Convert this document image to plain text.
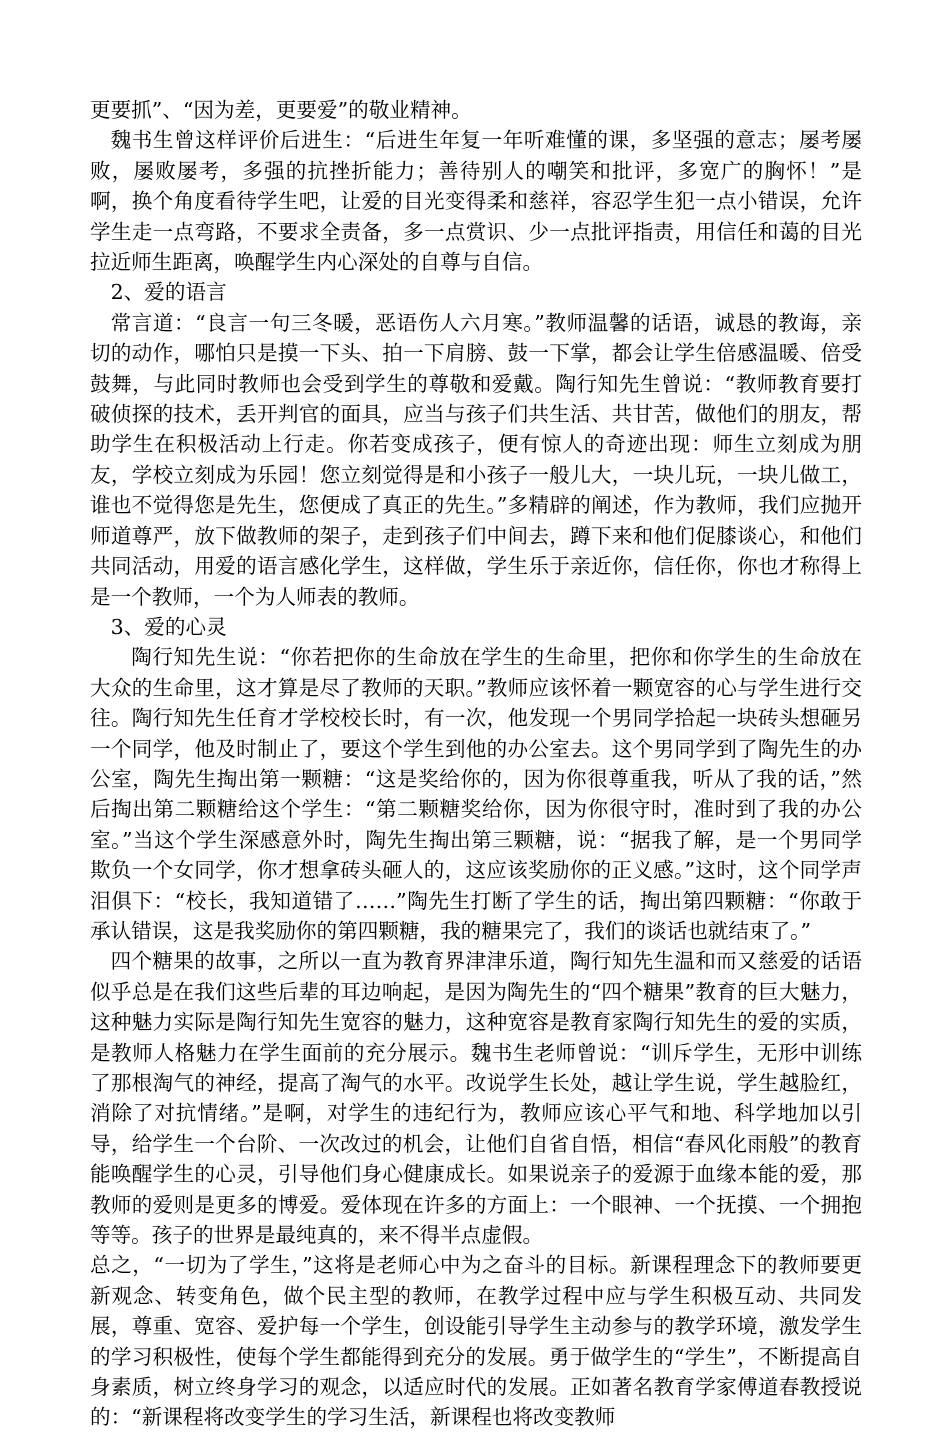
更要抓”、“因为差，更要爱”的敬业精神。

魏书生曾这样评价后进生：“后进生年复一年听难懂的课，多坚强的意志；屡考屡败，屡败屡考，多强的抗挫折能力；善待别人的嘲笑和批评，多宽广的胸怀！”是啊，换个角度看待学生吧，让爱的目光变得柔和慈祥，容忍学生犯一点小错误，允许学生走一点弯路，不要求全责备，多一点赏识、少一点批评指责，用信任和蔼的目光拉近师生距离，唤醒学生内心深处的自尊与自信。

2、爱的语言

常言道：“良言一句三冬暖，恶语伤人六月寒。”教师温馨的话语，诚恳的教诲，亲切的动作，哪怕只是摸一下头、拍一下肩膀、鼓一下掌，都会让学生倍感温暖、倍受鼓舞，与此同时教师也会受到学生的尊敬和爱戴。陶行知先生曾说：“教师教育要打破侦探的技术，丢开判官的面具，应当与孩子们共生活、共甘苦，做他们的朋友，帮助学生在积极活动上行走。你若变成孩子，便有惊人的奇迹出现：师生立刻成为朋友，学校立刻成为乐园！您立刻觉得是和小孩子一般儿大，一块儿玩，一块儿做工，谁也不觉得您是先生，您便成了真正的先生。”多精辟的阐述，作为教师，我们应抛开师道尊严，放下做教师的架子，走到孩子们中间去，蹲下来和他们促膝谈心，和他们共同活动，用爱的语言感化学生，这样做，学生乐于亲近你，信任你，你也才称得上是一个教师，一个为人师表的教师。

3、爱的心灵

陶行知先生说：“你若把你的生命放在学生的生命里，把你和你学生的生命放在大众的生命里，这才算是尽了教师的天职。”教师应该怀着一颗宽容的心与学生进行交往。陶行知先生任育才学校校长时，有一次，他发现一个男同学拾起一块砖头想砸另一个同学，他及时制止了，要这个学生到他的办公室去。这个男同学到了陶先生的办公室，陶先生掏出第一颗糖：“这是奖给你的，因为你很尊重我，听从了我的话，”然后掏出第二颗糖给这个学生：“第二颗糖奖给你，因为你很守时，准时到了我的办公室。”当这个学生深感意外时，陶先生掏出第三颗糖，说：“据我了解，是一个男同学欺负一个女同学，你才想拿砖头砸人的，这应该奖励你的正义感。”这时，这个同学声泪俱下：“校长，我知道错了……”陶先生打断了学生的话，掏出第四颗糖：“你敢于承认错误，这是我奖励你的第四颗糖，我的糖果完了，我们的谈话也就结束了。”

四个糖果的故事，之所以一直为教育界津津乐道，陶行知先生温和而又慈爱的话语似乎总是在我们这些后辈的耳边响起，是因为陶先生的“四个糖果”教育的巨大魅力，这种魅力实际是陶行知先生宽容的魅力，这种宽容是教育家陶行知先生的爱的实质，是教师人格魅力在学生面前的充分展示。魏书生老师曾说：“训斥学生，无形中训练了那根淘气的神经，提高了淘气的水平。改说学生长处，越让学生说，学生越脸红，消除了对抗情绪。”是啊，对学生的违纪行为，教师应该心平气和地、科学地加以引导，给学生一个台阶、一次改过的机会，让他们自省自悟，相信“春风化雨般”的教育能唤醒学生的心灵，引导他们身心健康成长。如果说亲子的爱源于血缘本能的爱，那教师的爱则是更多的博爱。爱体现在许多的方面上：一个眼神、一个抚摸、一个拥抱等等。孩子的世界是最纯真的，来不得半点虚假。

总之，“一切为了学生，”这将是老师心中为之奋斗的目标。新课程理念下的教师要更新观念、转变角色，做个民主型的教师，在教学过程中应与学生积极互动、共同发展，尊重、宽容、爱护每一个学生，创设能引导学生主动参与的教学环境，激发学生的学习积极性，使每个学生都能得到充分的发展。勇于做学生的“学生”，不断提高自身素质，树立终身学习的观念，以适应时代的发展。正如著名教育学家傅道春教授说的：“新课程将改变学生的学习生活，新课程也将改变教师
